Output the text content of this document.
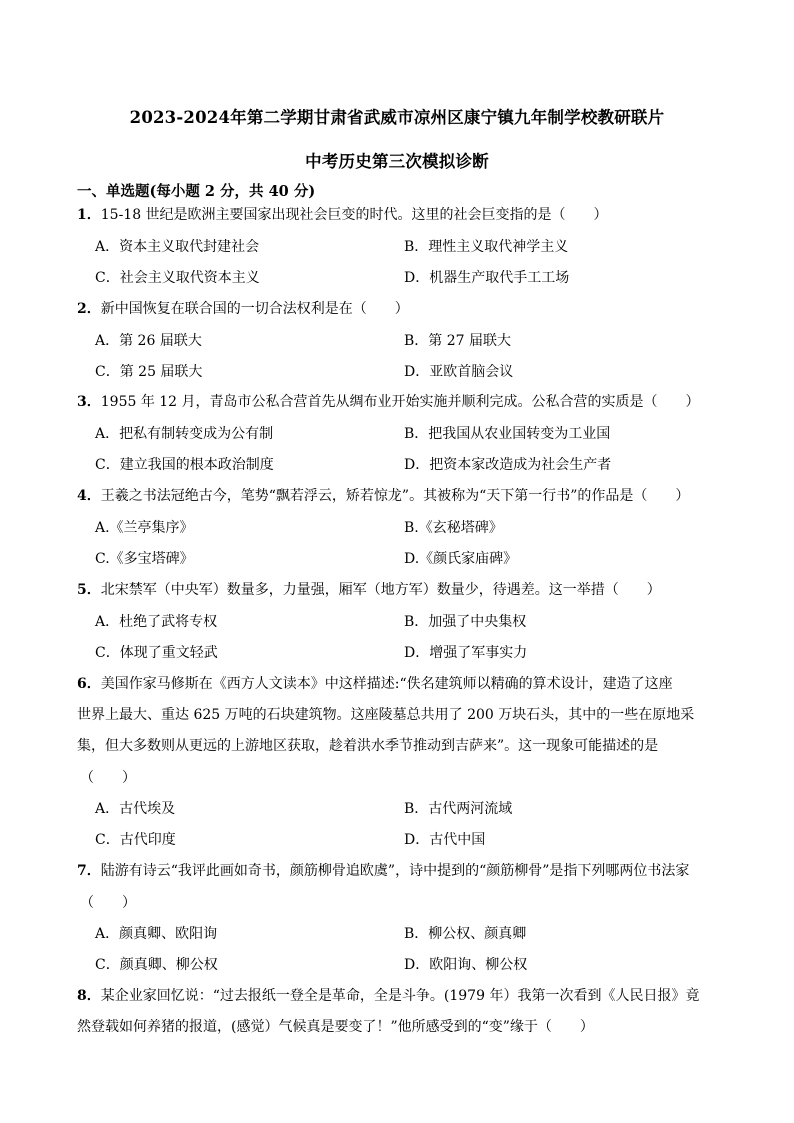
2023-2024年第二学期甘肃省武威市凉州区康宁镇九年制学校教研联片
中考历史第三次模拟诊断
一、单选题(每小题 2 分，共 40 分)
1．15-18 世纪是欧洲主要国家出现社会巨变的时代。这里的社会巨变指的是（　　）
A．资本主义取代封建社会	B．理性主义取代神学主义
C．社会主义取代资本主义	D．机器生产取代手工工场
2．新中国恢复在联合国的一切合法权利是在（　　）
A．第 26 届联大	B．第 27 届联大
C．第 25 届联大	D．亚欧首脑会议
3．1955 年 12 月，青岛市公私合营首先从绸布业开始实施并顺利完成。公私合营的实质是（　　）
A．把私有制转变成为公有制	B．把我国从农业国转变为工业国
C．建立我国的根本政治制度	D．把资本家改造成为社会生产者
4．王羲之书法冠绝古今，笔势“飘若浮云，矫若惊龙”。其被称为“天下第一行书”的作品是（　　）
A.《兰亭集序》	B.《玄秘塔碑》
C.《多宝塔碑》	D.《颜氏家庙碑》
5．北宋禁军（中央军）数量多，力量强，厢军（地方军）数量少，待遇差。这一举措（　　）
A．杜绝了武将专权	B．加强了中央集权
C．体现了重文轻武	D．增强了军事实力
6．美国作家马修斯在《西方人文读本》中这样描述:“佚名建筑师以精确的算术设计，建造了这座
世界上最大、重达 625 万吨的石块建筑物。这座陵墓总共用了 200 万块石头，其中的一些在原地采
集，但大多数则从更远的上游地区获取，趁着洪水季节推动到吉萨来”。这一现象可能描述的是
（　　）
A．古代埃及	B．古代两河流域
C．古代印度	D．古代中国
7．陆游有诗云“我评此画如奇书，颜筋柳骨追欧虞”，诗中提到的“颜筋柳骨”是指下列哪两位书法家
（　　）
A．颜真卿、欧阳询	B．柳公权、颜真卿
C．颜真卿、柳公权	D．欧阳询、柳公权
8．某企业家回忆说：“过去报纸一登全是革命，全是斗争。(1979 年）我第一次看到《人民日报》竟
然登载如何养猪的报道，(感觉）气候真是要变了！”他所感受到的“变”缘于（　　）
